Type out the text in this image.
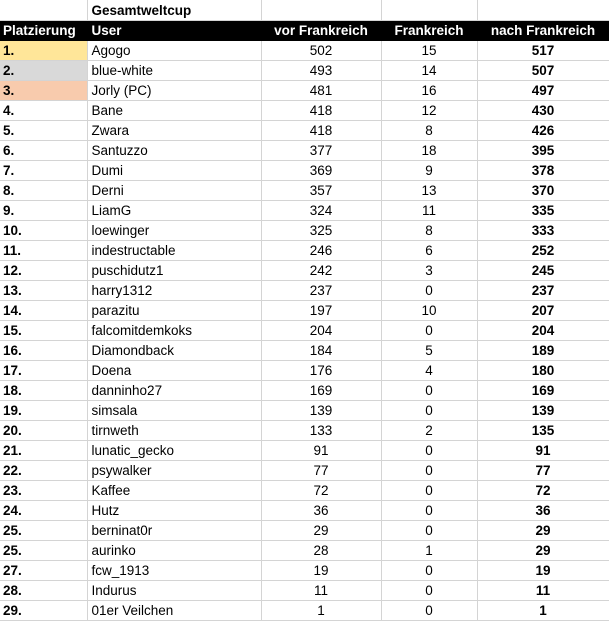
	Gesamtweltcup			
Platzierung	User	vor Frankreich	Frankreich	nach Frankreich
1.	Agogo	502	15	517
2.	blue-white	493	14	507
3.	Jorly (PC)	481	16	497
4.	Bane	418	12	430
5.	Zwara	418	8	426
6.	Santuzzo	377	18	395
7.	Dumi	369	9	378
8.	Derni	357	13	370
9.	LiamG	324	11	335
10.	loewinger	325	8	333
11.	indestructable	246	6	252
12.	puschidutz1	242	3	245
13.	harry1312	237	0	237
14.	parazitu	197	10	207
15.	falcomitdemkoks	204	0	204
16.	Diamondback	184	5	189
17.	Doena	176	4	180
18.	danninho27	169	0	169
19.	simsala	139	0	139
20.	tirnweth	133	2	135
21.	lunatic_gecko	91	0	91
22.	psywalker	77	0	77
23.	Kaffee	72	0	72
24.	Hutz	36	0	36
25.	berninat0r	29	0	29
25.	aurinko	28	1	29
27.	fcw_1913	19	0	19
28.	Indurus	11	0	11
29.	01er Veilchen	1	0	1
